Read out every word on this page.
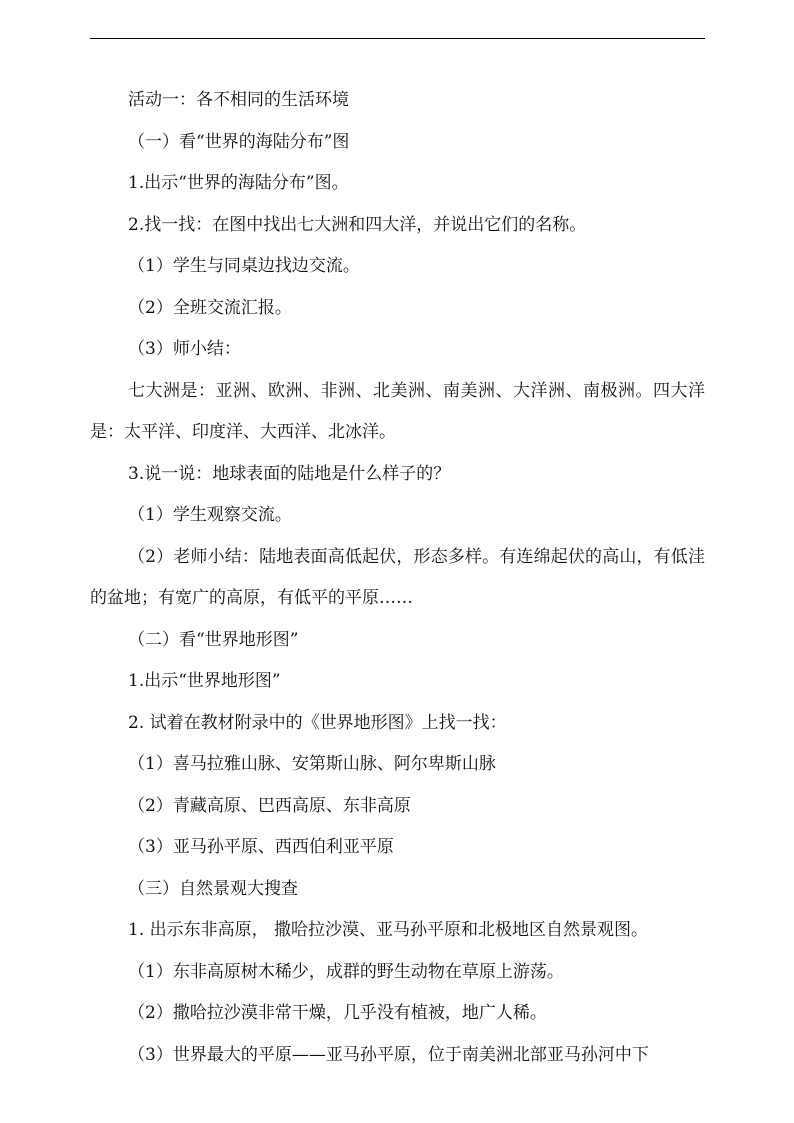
活动一：各不相同的生活环境

（一）看“世界的海陆分布”图

1.出示“世界的海陆分布”图。

2.找一找：在图中找出七大洲和四大洋，并说出它们的名称。

（1）学生与同桌边找边交流。

（2）全班交流汇报。

（3）师小结：

七大洲是：亚洲、欧洲、非洲、北美洲、南美洲、大洋洲、南极洲。四大洋是：太平洋、印度洋、大西洋、北冰洋。

3.说一说：地球表面的陆地是什么样子的？

（1）学生观察交流。

（2）老师小结：陆地表面高低起伏，形态多样。有连绵起伏的高山，有低洼的盆地；有宽广的高原，有低平的平原……

（二）看“世界地形图”

1.出示“世界地形图”

2. 试着在教材附录中的《世界地形图》上找一找：

（1）喜马拉雅山脉、安第斯山脉、阿尔卑斯山脉

（2）青藏高原、巴西高原、东非高原

（3）亚马孙平原、西西伯利亚平原

（三）自然景观大搜查

1. 出示东非高原， 撒哈拉沙漠、亚马孙平原和北极地区自然景观图。

（1）东非高原树木稀少，成群的野生动物在草原上游荡。

（2）撒哈拉沙漠非常干燥，几乎没有植被，地广人稀。

（3）世界最大的平原——亚马孙平原，位于南美洲北部亚马孙河中下
